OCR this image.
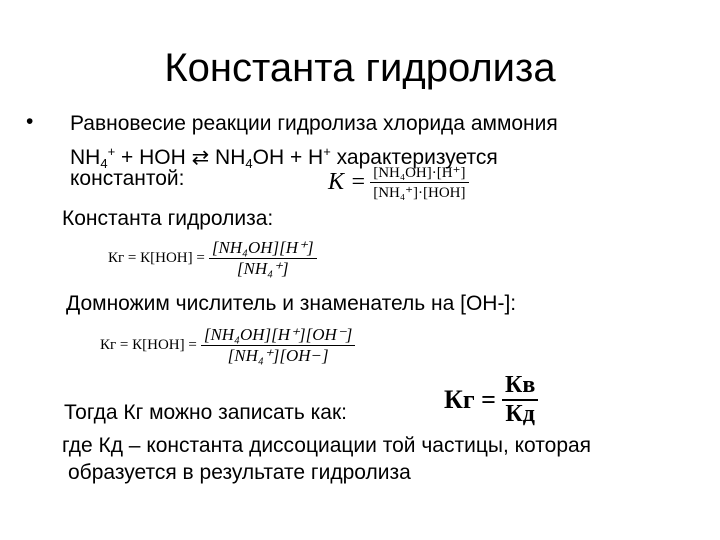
Константа гидролиза
• Равновесие реакции гидролиза хлорида аммония
$NH_4^+$ + HOH ⇄ $NH_4OH + H^+$ характеризуется
константой:	$K = \frac{\text{[NH₄OH]·[H⁺]}}{\text{[NH₄⁺]·[HOH]}}$
Константа гидролиза:
Кг = $К[HOH] = \frac{\text{[NH₄OH][H⁺]}}{\text{[NH₄⁺]}}$
Домножим числитель и знаменатель на [OH-]:
Кг = $К[HOH] = \frac{\text{[NH₄OH][H⁺][OH⁻]}}{\text{[NH₄⁺][OH−]}}$
Тогда Кг можно записать как:	Кг = $\frac{Кв}{Кд}$
где Кд – константа диссоциации той частицы, которая
образуется в результате гидролиза
